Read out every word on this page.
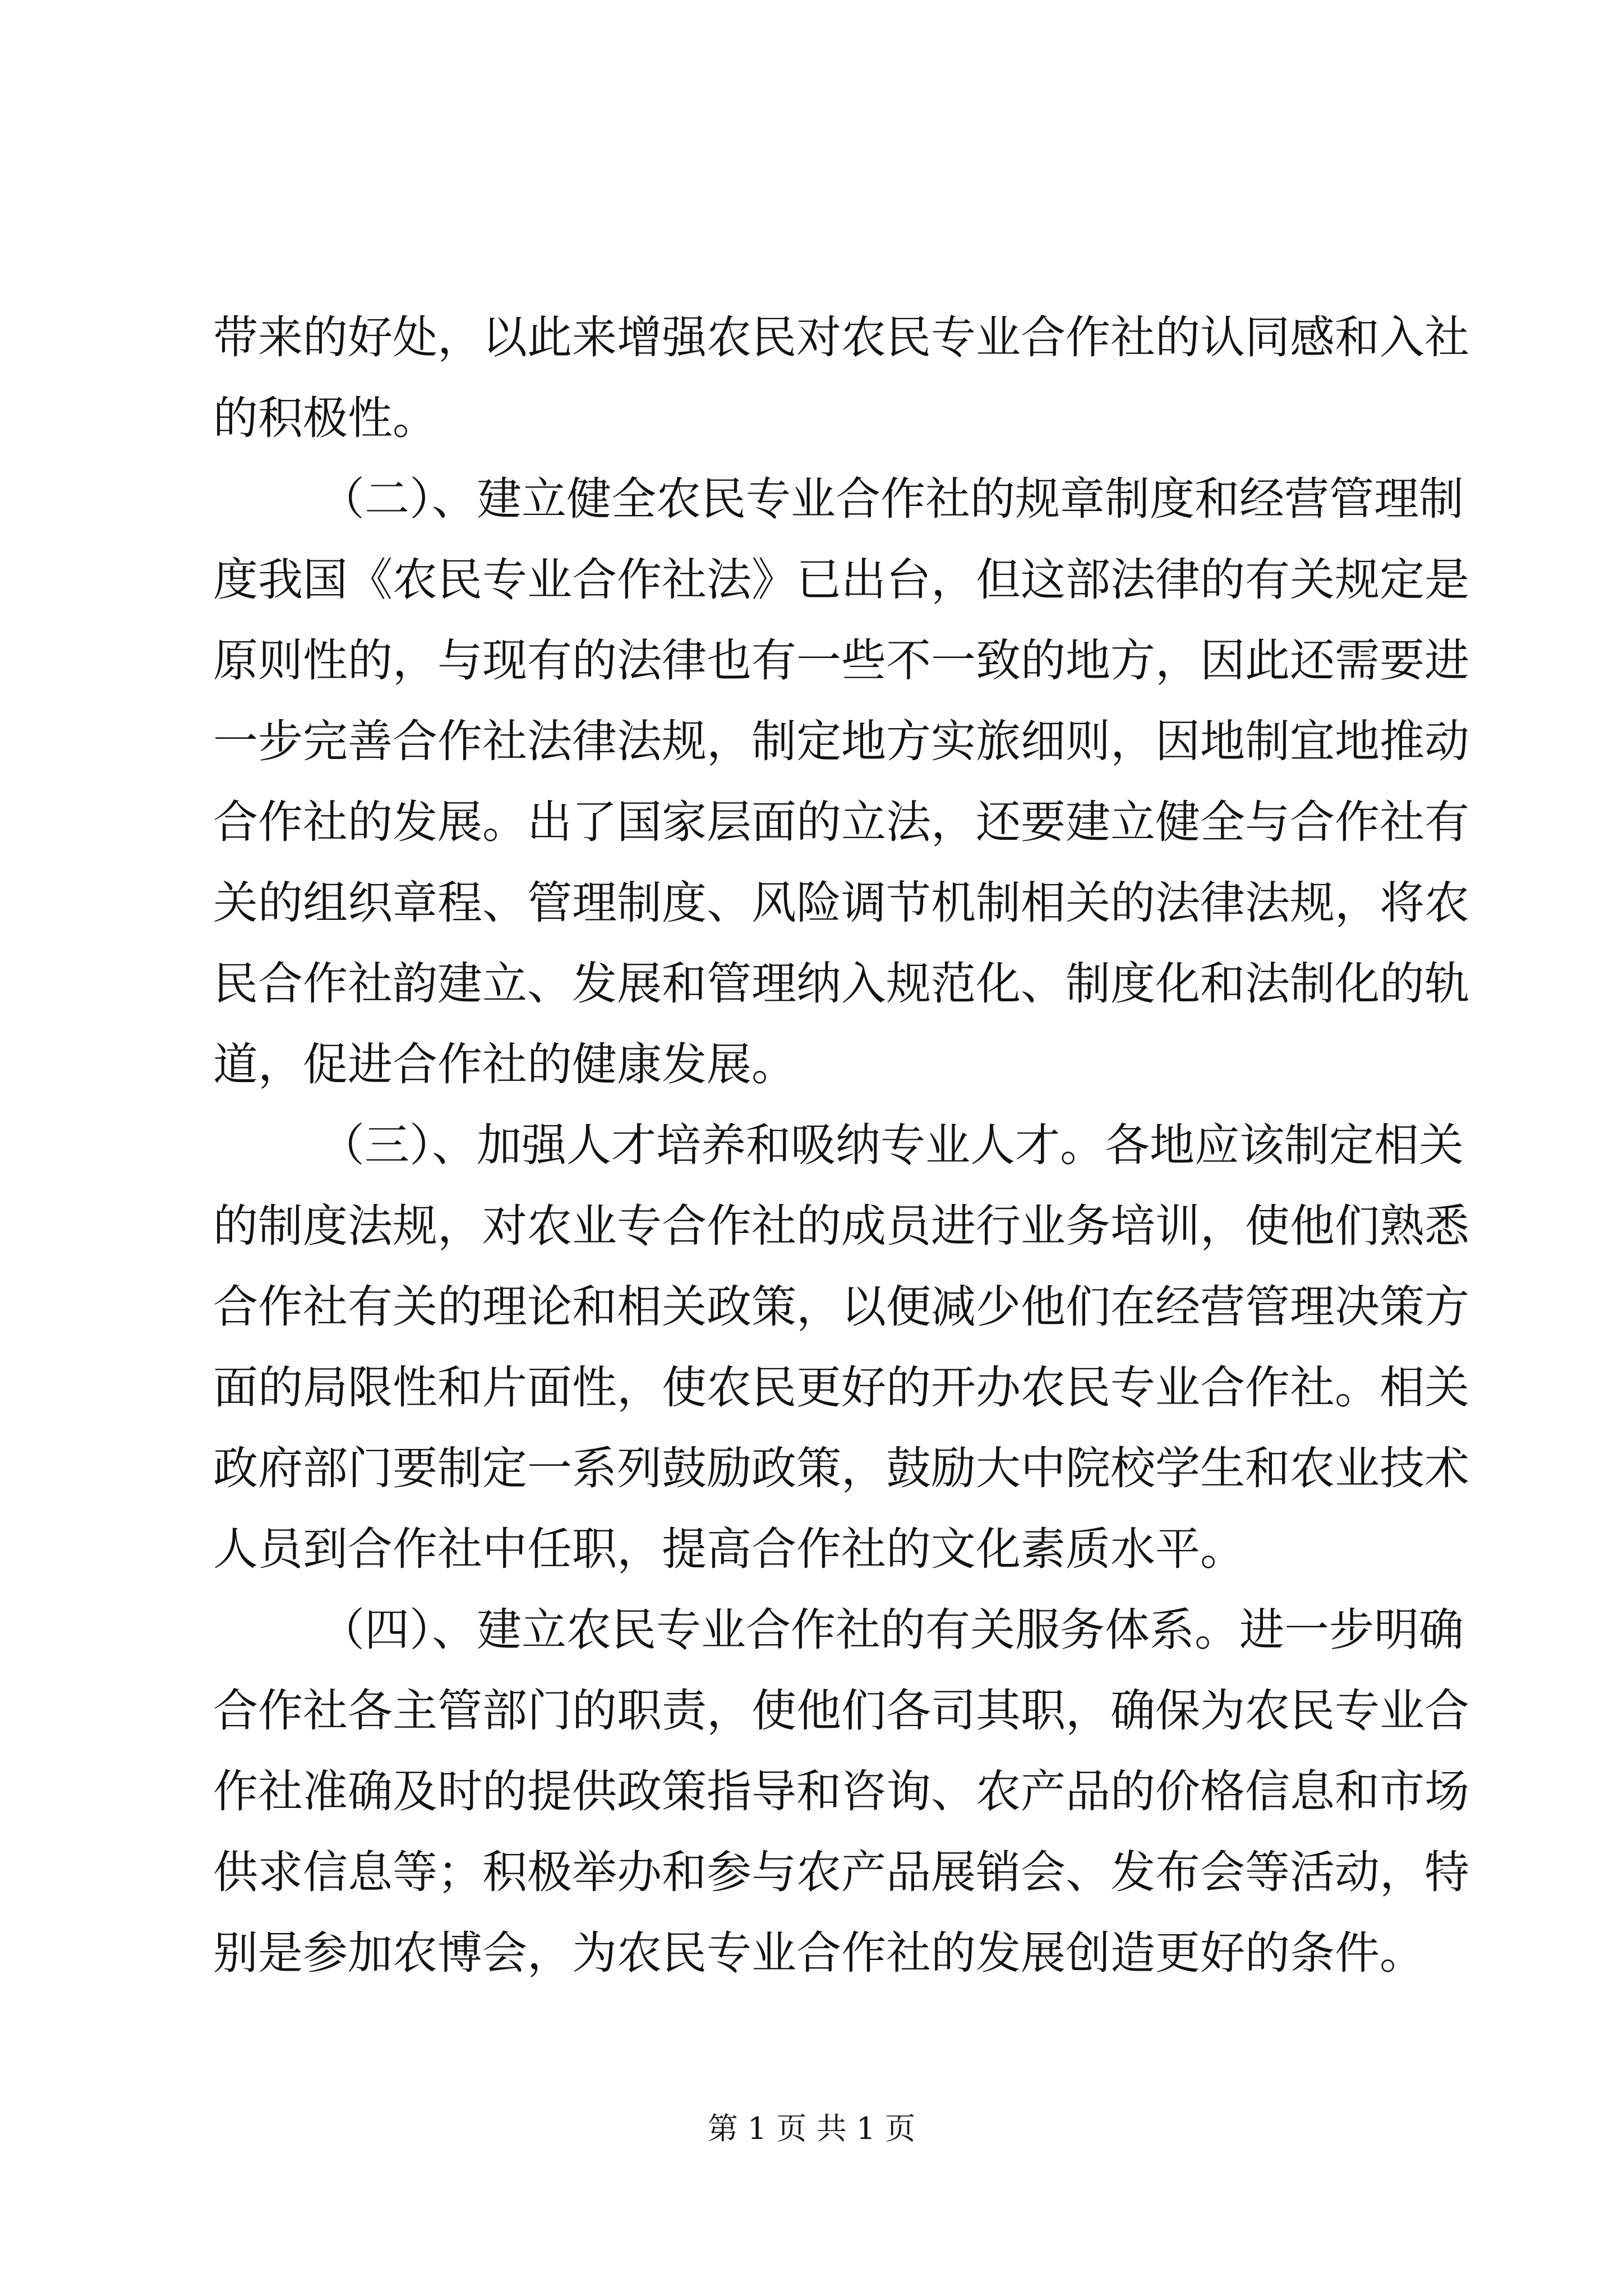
带来的好处，以此来增强农民对农民专业合作社的认同感和入社
的积极性。
（二）、建立健全农民专业合作社的规章制度和经营管理制
度我国《农民专业合作社法》已出台，但这部法律的有关规定是
原则性的，与现有的法律也有一些不一致的地方，因此还需要进
一步完善合作社法律法规，制定地方实旅细则，因地制宜地推动
合作社的发展。出了国家层面的立法，还要建立健全与合作社有
关的组织章程、管理制度、风险调节机制相关的法律法规，将农
民合作社韵建立、发展和管理纳入规范化、制度化和法制化的轨
道，促进合作社的健康发展。
（三）、加强人才培养和吸纳专业人才。各地应该制定相关
的制度法规，对农业专合作社的成员进行业务培训，使他们熟悉
合作社有关的理论和相关政策，以便减少他们在经营管理决策方
面的局限性和片面性，使农民更好的开办农民专业合作社。相关
政府部门要制定一系列鼓励政策，鼓励大中院校学生和农业技术
人员到合作社中任职，提高合作社的文化素质水平。
（四）、建立农民专业合作社的有关服务体系。进一步明确
合作社各主管部门的职责，使他们各司其职，确保为农民专业合
作社准确及时的提供政策指导和咨询、农产品的价格信息和市场
供求信息等；积极举办和参与农产品展销会、发布会等活动，特
别是参加农博会，为农民专业合作社的发展创造更好的条件。
第 1 页 共 1 页
